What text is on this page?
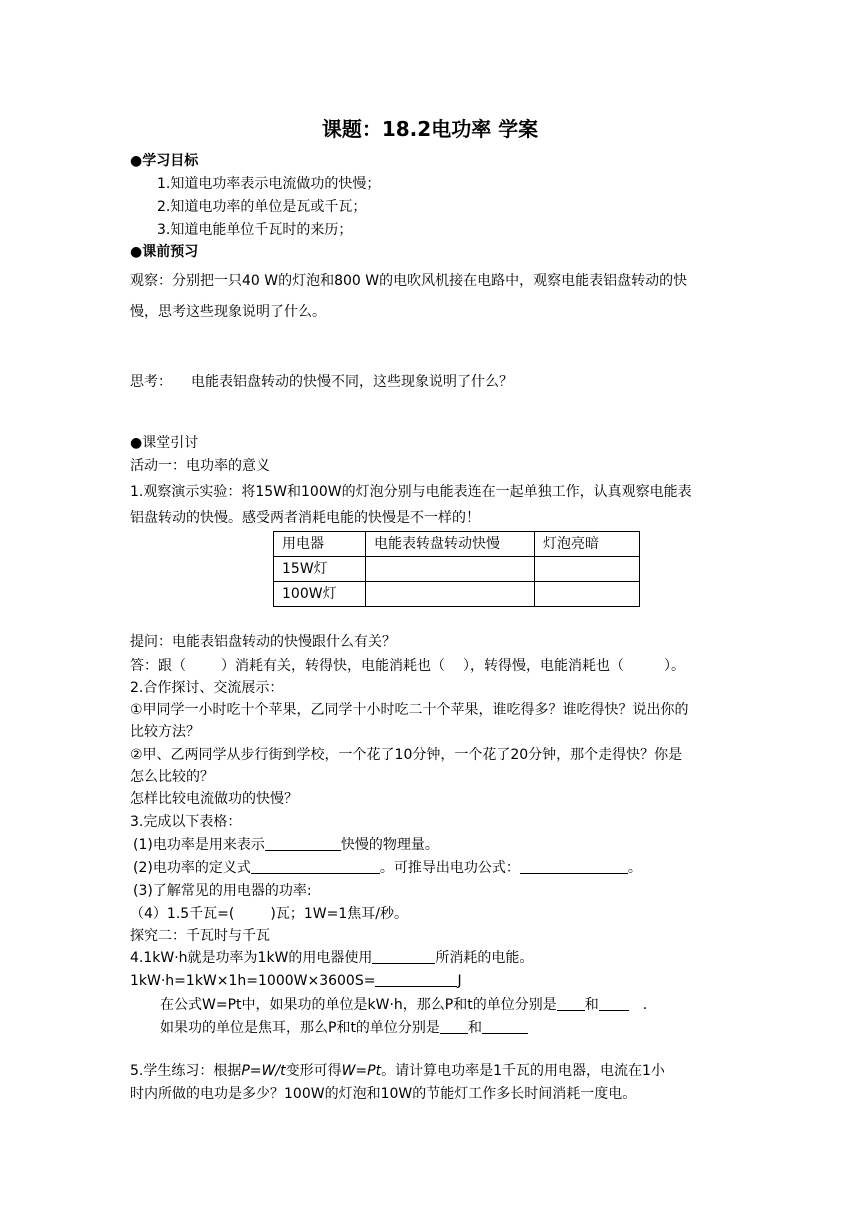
课题：18.2电功率 学案
●学习目标
1.知道电功率表示电流做功的快慢；
2.知道电功率的单位是瓦或千瓦；
3.知道电能单位千瓦时的来历；
●课前预习
观察：分别把一只40 W的灯泡和800 W的电吹风机接在电路中，观察电能表铝盘转动的快
慢，思考这些现象说明了什么。
思考： 电能表铝盘转动的快慢不同，这些现象说明了什么？
●课堂引讨
活动一：电功率的意义
1.观察演示实验：将15W和100W的灯泡分别与电能表连在一起单独工作，认真观察电能表
铝盘转动的快慢。感受两者消耗电能的快慢是不一样的！
用电器	电能表转盘转动快慢	灯泡亮暗
15W灯		
100W灯		
提问：电能表铝盘转动的快慢跟什么有关？
答：跟（	）消耗有关，转得快，电能消耗也（ ），转得慢，电能消耗也（	）。
2.合作探讨、交流展示：
①甲同学一小时吃十个苹果，乙同学十小时吃二十个苹果，谁吃得多？谁吃得快？说出你的
比较方法？
②甲、乙两同学从步行街到学校，一个花了10分钟，一个花了20分钟，那个走得快？你是
怎么比较的？
怎样比较电流做功的快慢？
3.完成以下表格：
(1)电功率是用来表示	快慢的物理量。
(2)电功率的定义式	。可推导出电功公式：	。
(3)了解常见的用电器的功率:
（4）1.5千瓦=(	)瓦；1W=1焦耳/秒。
探究二：千瓦时与千瓦
4.1kW·h就是功率为1kW的用电器使用	所消耗的电能。
1kW·h=1kW×1h=1000W×3600S=	J
在公式W=Pt中，如果功的单位是kW·h，那么P和t的单位分别是 和	.
如果功的单位是焦耳，那么P和t的单位分别是 和
5.学生练习：根据P=W/t变形可得W=Pt。请计算电功率是1千瓦的用电器，电流在1小
时内所做的电功是多少？100W的灯泡和10W的节能灯工作多长时间消耗一度电。
